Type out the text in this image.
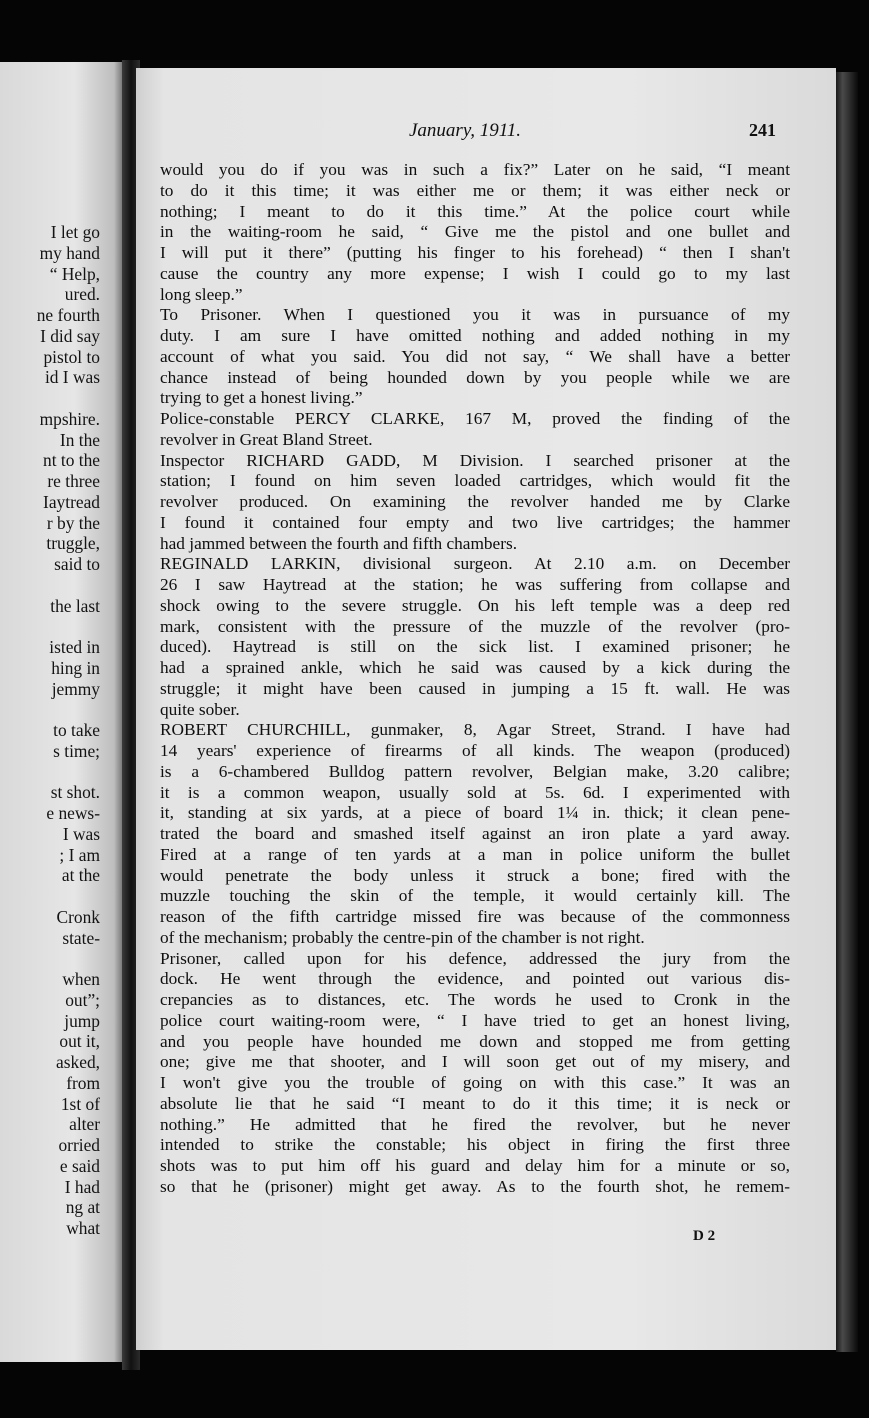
I let go
my hand
“ Help,
ured.
ne fourth
I did say
pistol to
id I was
mpshire.
In the
nt to the
re three
Iaytread
r by the
truggle,
said to
the last
isted in
hing in
jemmy
to take
s time;
st shot.
e news-
I was
; I am
at the
Cronk
state-
when
out”;
jump
out it,
asked,
from
1st of
alter
orried
e said
I had
ng at
what
January, 1911.	241
would you do if you was in such a fix?” Later on he said, “I meant
to do it this time; it was either me or them; it was either neck or
nothing; I meant to do it this time.” At the police court while
in the waiting-room he said, “ Give me the pistol and one bullet and
I will put it there” (putting his finger to his forehead) “ then I shan't
cause the country any more expense; I wish I could go to my last
long sleep.”
To Prisoner. When I questioned you it was in pursuance of my
duty. I am sure I have omitted nothing and added nothing in my
account of what you said. You did not say, “ We shall have a better
chance instead of being hounded down by you people while we are
trying to get a honest living.”
Police-constable PERCY CLARKE, 167 M, proved the finding of the
revolver in Great Bland Street.
Inspector RICHARD GADD, M Division. I searched prisoner at the
station; I found on him seven loaded cartridges, which would fit the
revolver produced. On examining the revolver handed me by Clarke
I found it contained four empty and two live cartridges; the hammer
had jammed between the fourth and fifth chambers.
REGINALD LARKIN, divisional surgeon. At 2.10 a.m. on December
26 I saw Haytread at the station; he was suffering from collapse and
shock owing to the severe struggle. On his left temple was a deep red
mark, consistent with the pressure of the muzzle of the revolver (pro-
duced). Haytread is still on the sick list. I examined prisoner; he
had a sprained ankle, which he said was caused by a kick during the
struggle; it might have been caused in jumping a 15 ft. wall. He was
quite sober.
ROBERT CHURCHILL, gunmaker, 8, Agar Street, Strand. I have had
14 years' experience of firearms of all kinds. The weapon (produced)
is a 6-chambered Bulldog pattern revolver, Belgian make, 3.20 calibre;
it is a common weapon, usually sold at 5s. 6d. I experimented with
it, standing at six yards, at a piece of board 1¼ in. thick; it clean pene-
trated the board and smashed itself against an iron plate a yard away.
Fired at a range of ten yards at a man in police uniform the bullet
would penetrate the body unless it struck a bone; fired with the
muzzle touching the skin of the temple, it would certainly kill. The
reason of the fifth cartridge missed fire was because of the commonness
of the mechanism; probably the centre-pin of the chamber is not right.
Prisoner, called upon for his defence, addressed the jury from the
dock. He went through the evidence, and pointed out various dis-
crepancies as to distances, etc. The words he used to Cronk in the
police court waiting-room were, “ I have tried to get an honest living,
and you people have hounded me down and stopped me from getting
one; give me that shooter, and I will soon get out of my misery, and
I won't give you the trouble of going on with this case.” It was an
absolute lie that he said “I meant to do it this time; it is neck or
nothing.” He admitted that he fired the revolver, but he never
intended to strike the constable; his object in firing the first three
shots was to put him off his guard and delay him for a minute or so,
so that he (prisoner) might get away. As to the fourth shot, he remem-
D 2
